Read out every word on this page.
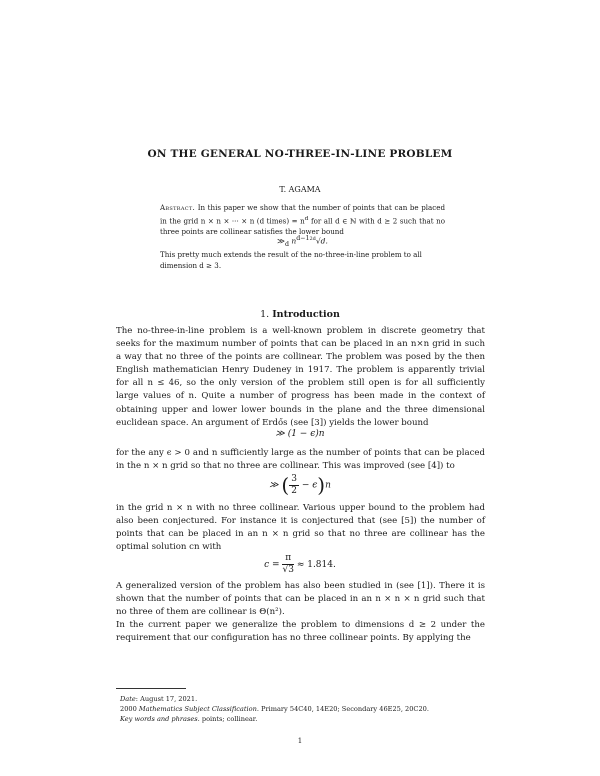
ON THE GENERAL NO-THREE-IN-LINE PROBLEM
T. AGAMA
Abstract. In this paper we show that the number of points that can be placed in the grid n × n × ··· × n (d times) = $n^d$ for all d ∈ ℕ with d ≥ 2 such that no three points are collinear satisfies the lower bound
$≫_d$ $n^{d-12d}√d$.
This pretty much extends the result of the no-three-in-line problem to all dimension d ≥ 3.
1. Introduction
The no-three-in-line problem is a well-known problem in discrete geometry that seeks for the maximum number of points that can be placed in an n×n grid in such a way that no three of the points are collinear. The problem was posed by the then English mathematician Henry Dudeney in 1917. The problem is apparently trivial for all n ≤ 46, so the only version of the problem still open is for all sufficiently large values of n. Quite a number of progress has been made in the context of obtaining upper and lower lower bounds in the plane and the three dimensional euclidean space. An argument of Erdős (see [3]) yields the lower bound
≫ (1 − ϵ)n
for the any ϵ > 0 and n sufficiently large as the number of points that can be placed in the n × n grid so that no three are collinear. This was improved (see [4]) to
≫ ( $\frac{3}{2} - \epsilon)n$
in the grid n × n with no three collinear. Various upper bound to the problem had also been conjectured. For instance it is conjectured that (see [5]) the number of points that can be placed in an n × n grid so that no three are collinear has the optimal solution cn with
$c = \frac{\pi}{√3} \approx 1.814$.
A generalized version of the problem has also been studied in (see [1]). There it is shown that the number of points that can be placed in an n × n × n grid such that no three of them are collinear is Θ(n²).
In the current paper we generalize the problem to dimensions d ≥ 2 under the requirement that our configuration has no three collinear points. By applying the
Date: August 17, 2021.
2000 Mathematics Subject Classification. Primary 54C40, 14E20; Secondary 46E25, 20C20.
Key words and phrases. points; collinear.
1
